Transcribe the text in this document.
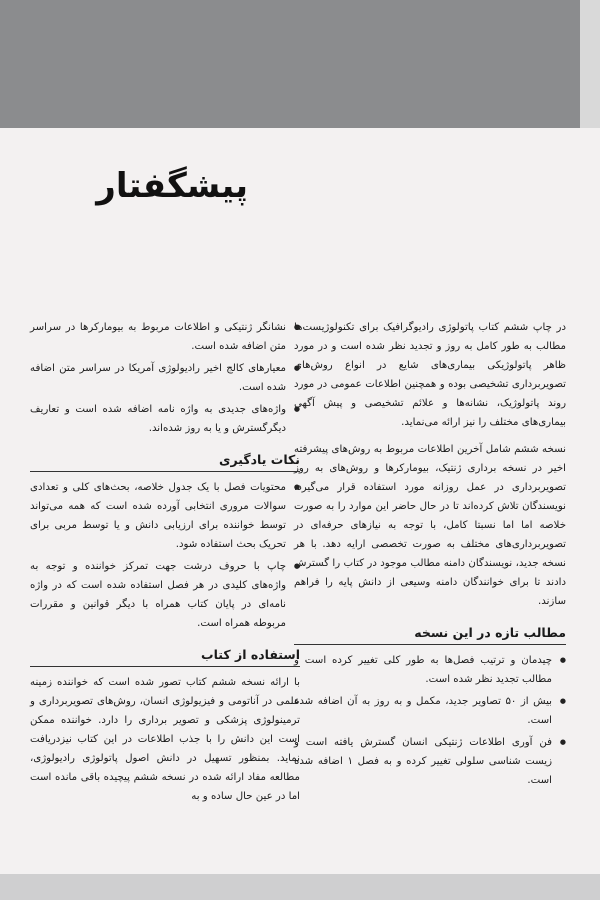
پیشگفتار

در چاپ ششم کتاب پاتولوژی رادیوگرافیک برای تکنولوژیست‌ها مطالب به طور کامل به روز و تجدید نظر شده است و در مورد ظاهر پاتولوژیکی بیماری‌های شایع در انواع روش‌های تصویربرداری تشخیصی بوده و همچنین اطلاعات عمومی در مورد روند پاتولوژیک، نشانه‌ها و علائم تشخیصی و پیش آگهی بیماری‌های مختلف را نیز ارائه می‌نماید.

نسخه ششم شامل آخرین اطلاعات مربوط به روش‌های پیشرفته اخیر در نسخه برداری ژنتیک، بیومارکرها و روش‌های به روز تصویربرداری در عمل روزانه مورد استفاده قرار می‌گیرد. نویسندگان تلاش کرده‌اند تا در حال حاضر این موارد را به صورت خلاصه اما اما نسبتا کامل، با توجه به نیازهای حرفه‌ای در تصویربرداری‌های مختلف به صورت تخصصی ارایه دهد. با هر نسخه جدید، نویسندگان دامنه مطالب موجود در کتاب را گسترش دادند تا برای خوانندگان دامنه وسیعی از دانش پایه را فراهم سازند.

مطالب تازه در این نسخه
● چیدمان و ترتیب فصل‌ها به طور کلی تغییر کرده است و مطالب تجدید نظر شده است.
● بیش از ۵۰ تصاویر جدید، مکمل و به روز به آن اضافه شده است.
● فن آوری اطلاعات ژنتیکی انسان گسترش یافته است و زیست شناسی سلولی تغییر کرده و به فصل ۱ اضافه شده است.
● نشانگر ژنتیکی و اطلاعات مربوط به بیومارکرها در سراسر متن اضافه شده است.
● معیارهای کالج اخیر رادیولوژی آمریکا در سراسر متن اضافه شده است.
● واژه‌های جدیدی به واژه نامه اضافه شده است و تعاریف دیگرگسترش و یا به روز شده‌اند.
نکات یادگیری
● محتویات فصل با یک جدول خلاصه، بحث‌های کلی و تعدادی سوالات مروری انتخابی آورده شده است که همه می‌تواند توسط خواننده برای ارزیابی دانش و یا توسط مربی برای تحریک بحث استفاده شود.
● چاپ با حروف درشت جهت تمرکز خواننده و توجه به واژه‌های کلیدی در هر فصل استفاده شده است که در واژه نامه‌ای در پایان کتاب همراه با دیگر قوانین و مقررات مربوطه همراه است.
استفاده از کتاب

با ارائه نسخه ششم کتاب تصور شده است که خواننده زمینه علمی در آناتومی و فیزیولوژی انسان، روش‌های تصویربرداری و ترمینولوژی پزشکی و تصویر برداری را دارد. خواننده ممکن است این دانش را با جذب اطلاعات در این کتاب نیزدریافت نماید. بمنظور تسهیل در دانش اصول پاتولوژی رادیولوژی، مطالعه مفاد ارائه شده در نسخه ششم پیچیده باقی مانده است اما در عین حال ساده و به
